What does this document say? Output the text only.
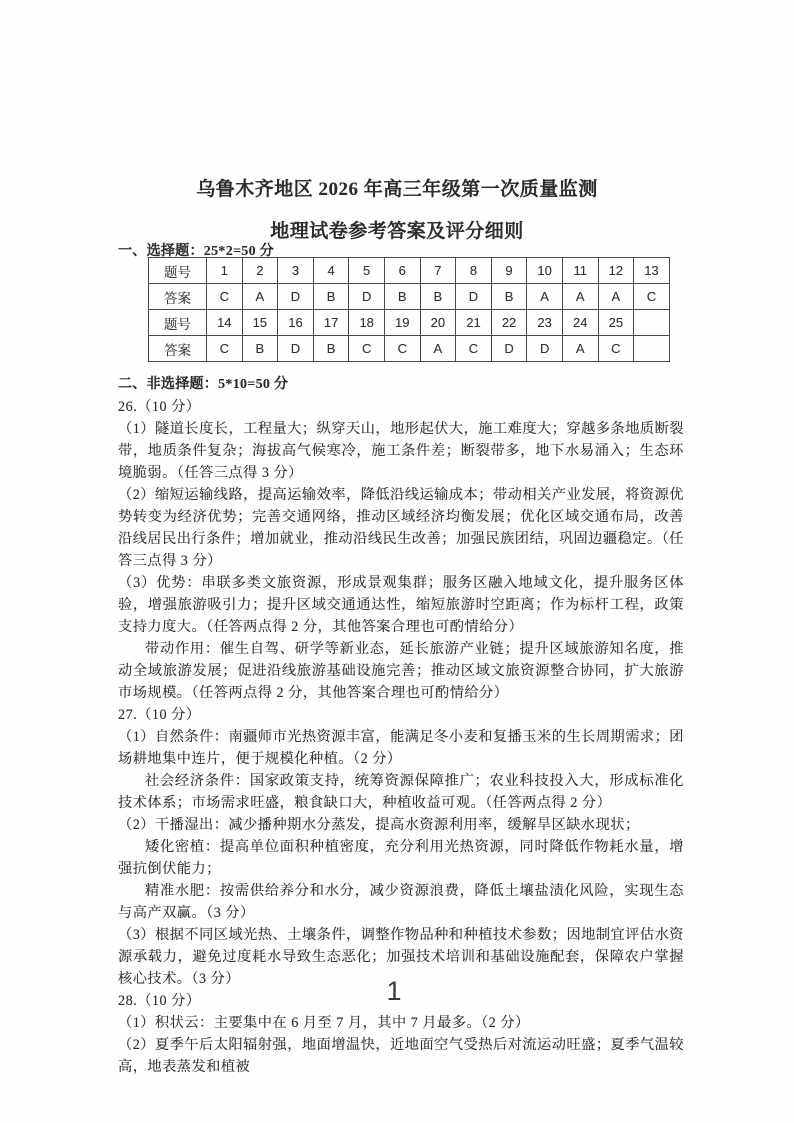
乌鲁木齐地区 2026 年高三年级第一次质量监测
地理试卷参考答案及评分细则
一、选择题：25*2=50 分
题号	1	2	3	4	5	6	7	8	9	10	11	12	13
答案	C	A	D	B	D	B	B	D	B	A	A	A	C
题号	14	15	16	17	18	19	20	21	22	23	24	25	
答案	C	B	D	B	C	C	A	C	D	D	A	C	
二、非选择题：5*10=50 分
26.（10 分）
（1）隧道长度长，工程量大；纵穿天山，地形起伏大，施工难度大；穿越多条地质断裂带，地质条件复杂；海拔高气候寒冷，施工条件差；断裂带多，地下水易涌入；生态环境脆弱。（任答三点得 3 分）
（2）缩短运输线路，提高运输效率，降低沿线运输成本；带动相关产业发展，将资源优势转变为经济优势；完善交通网络，推动区域经济均衡发展；优化区域交通布局，改善沿线居民出行条件；增加就业，推动沿线民生改善；加强民族团结，巩固边疆稳定。（任答三点得 3 分）
（3）优势：串联多类文旅资源，形成景观集群；服务区融入地域文化，提升服务区体验，增强旅游吸引力；提升区域交通通达性，缩短旅游时空距离；作为标杆工程，政策支持力度大。（任答两点得 2 分，其他答案合理也可酌情给分）
带动作用：催生自驾、研学等新业态，延长旅游产业链；提升区域旅游知名度，推动全域旅游发展；促进沿线旅游基础设施完善；推动区域文旅资源整合协同，扩大旅游市场规模。（任答两点得 2 分，其他答案合理也可酌情给分）
27.（10 分）
（1）自然条件：南疆师市光热资源丰富，能满足冬小麦和复播玉米的生长周期需求；团场耕地集中连片，便于规模化种植。（2 分）
社会经济条件：国家政策支持，统筹资源保障推广；农业科技投入大，形成标准化技术体系；市场需求旺盛，粮食缺口大，种植收益可观。（任答两点得 2 分）
（2）干播湿出：减少播种期水分蒸发，提高水资源利用率，缓解旱区缺水现状；
矮化密植：提高单位面积种植密度，充分利用光热资源，同时降低作物耗水量，增强抗倒伏能力；
精准水肥：按需供给养分和水分，减少资源浪费，降低土壤盐渍化风险，实现生态与高产双赢。（3 分）
（3）根据不同区域光热、土壤条件，调整作物品种和种植技术参数；因地制宜评估水资源承载力，避免过度耗水导致生态恶化；加强技术培训和基础设施配套，保障农户掌握核心技术。（3 分）
28.（10 分）
（1）积状云：主要集中在 6 月至 7 月，其中 7 月最多。（2 分）
（2）夏季午后太阳辐射强，地面增温快，近地面空气受热后对流运动旺盛；夏季气温较高，地表蒸发和植被
1
